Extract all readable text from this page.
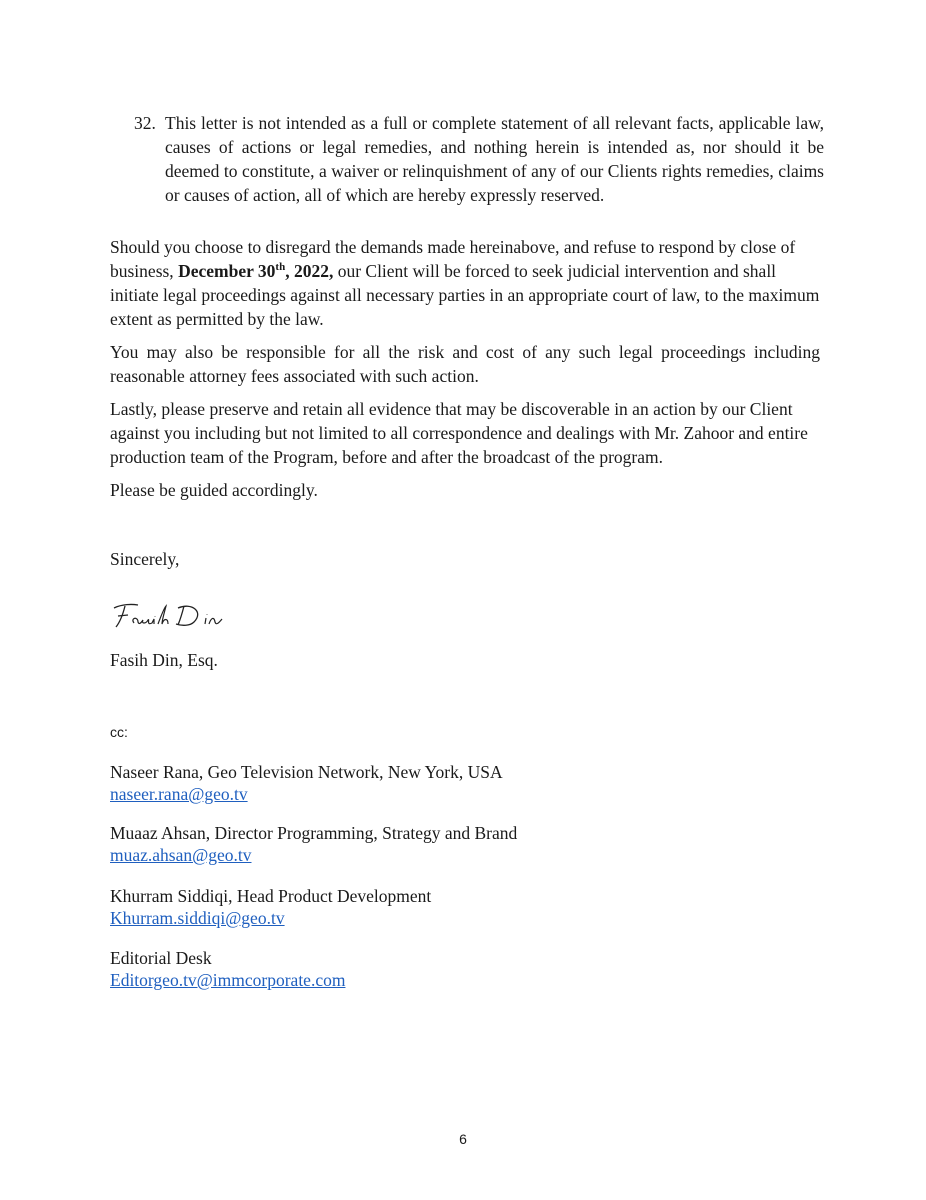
32. This letter is not intended as a full or complete statement of all relevant facts, applicable law, causes of actions or legal remedies, and nothing herein is intended as, nor should it be deemed to constitute, a waiver or relinquishment of any of our Clients rights remedies, claims or causes of action, all of which are hereby expressly reserved.

Should you choose to disregard the demands made hereinabove, and refuse to respond by close of business, December 30th, 2022, our Client will be forced to seek judicial intervention and shall initiate legal proceedings against all necessary parties in an appropriate court of law, to the maximum extent as permitted by the law.

You may also be responsible for all the risk and cost of any such legal proceedings including reasonable attorney fees associated with such action.

Lastly, please preserve and retain all evidence that may be discoverable in an action by our Client against you including but not limited to all correspondence and dealings with Mr. Zahoor and entire production team of the Program, before and after the broadcast of the program.

Please be guided accordingly.

Sincerely,

Fasih Din, Esq.

cc:
Naseer Rana, Geo Television Network, New York, USA
naseer.rana@geo.tv
Muaaz Ahsan, Director Programming, Strategy and Brand
muaz.ahsan@geo.tv
Khurram Siddiqi, Head Product Development
Khurram.siddiqi@geo.tv
Editorial Desk
Editorgeo.tv@immcorporate.com
6
